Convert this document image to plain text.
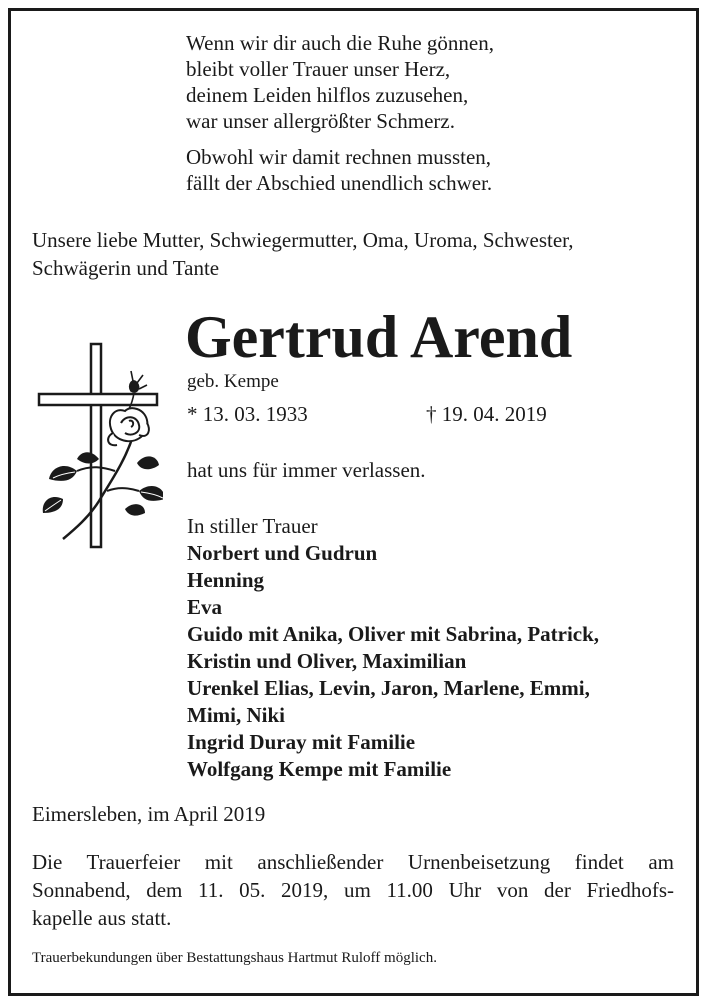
Wenn wir dir auch die Ruhe gönnen,
bleibt voller Trauer unser Herz,
deinem Leiden hilflos zuzusehen,
war unser allergrößter Schmerz.
Obwohl wir damit rechnen mussten,
fällt der Abschied unendlich schwer.
Unsere liebe Mutter, Schwiegermutter, Oma, Uroma, Schwester,
Schwägerin und Tante
Gertrud Arend
geb. Kempe
* 13. 03. 1933	† 19. 04. 2019
hat uns für immer verlassen.
In stiller Trauer
Norbert und Gudrun
Henning
Eva
Guido mit Anika, Oliver mit Sabrina, Patrick,
Kristin und Oliver, Maximilian
Urenkel Elias, Levin, Jaron, Marlene, Emmi,
Mimi, Niki
Ingrid Duray mit Familie
Wolfgang Kempe mit Familie
Eimersleben, im April 2019
Die Trauerfeier mit anschließender Urnenbeisetzung findet am
Sonnabend, dem 11. 05. 2019, um 11.00 Uhr von der Friedhofs-
kapelle aus statt.
Trauerbekundungen über Bestattungshaus Hartmut Ruloff möglich.
